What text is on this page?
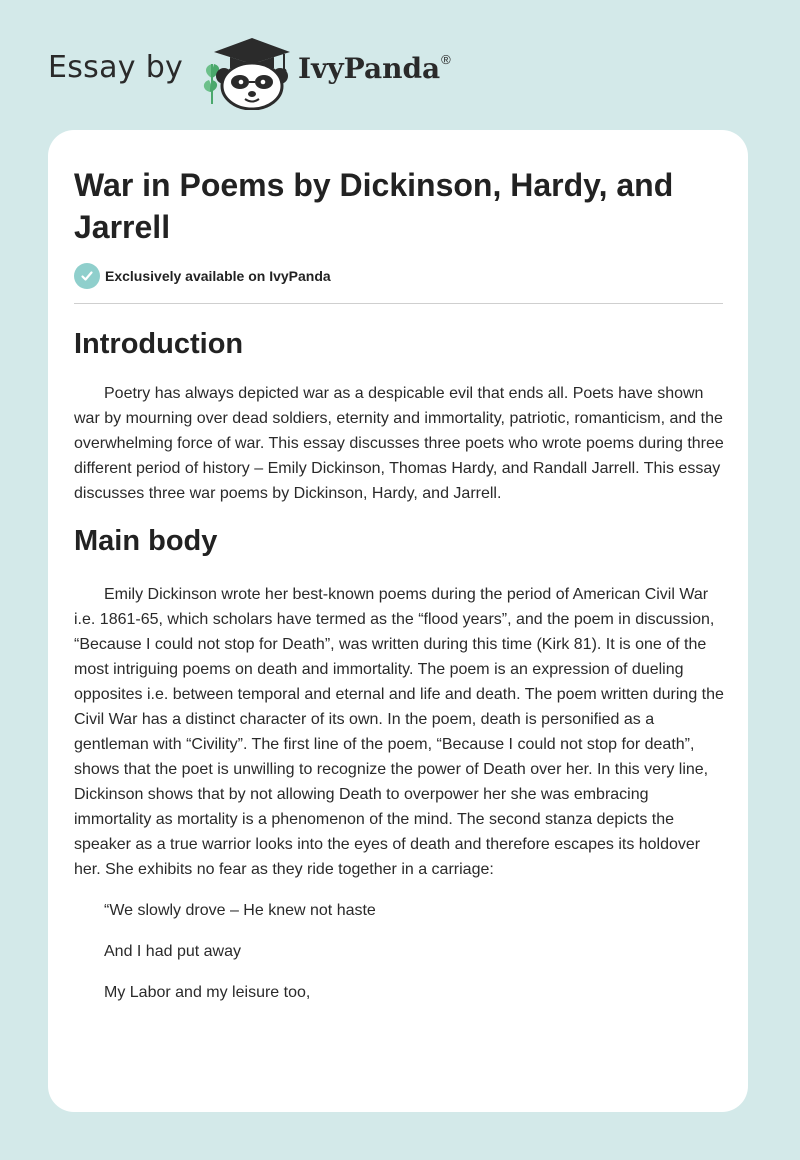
Essay by	IvyPanda®
War in Poems by Dickinson, Hardy, and Jarrell
Exclusively available on IvyPanda
Introduction

Poetry has always depicted war as a despicable evil that ends all. Poets have shown war by mourning over dead soldiers, eternity and immortality, patriotic, romanticism, and the overwhelming force of war. This essay discusses three poets who wrote poems during three different period of history – Emily Dickinson, Thomas Hardy, and Randall Jarrell. This essay discusses three war poems by Dickinson, Hardy, and Jarrell.

Main body

Emily Dickinson wrote her best-known poems during the period of American Civil War i.e. 1861-65, which scholars have termed as the “flood years”, and the poem in discussion, “Because I could not stop for Death”, was written during this time (Kirk 81). It is one of the most intriguing poems on death and immortality. The poem is an expression of dueling opposites i.e. between temporal and eternal and life and death. The poem written during the Civil War has a distinct character of its own. In the poem, death is personified as a gentleman with “Civility”. The first line of the poem, “Because I could not stop for death”, shows that the poet is unwilling to recognize the power of Death over her. In this very line, Dickinson shows that by not allowing Death to overpower her she was embracing immortality as mortality is a phenomenon of the mind. The second stanza depicts the speaker as a true warrior looks into the eyes of death and therefore escapes its holdover her. She exhibits no fear as they ride together in a carriage:

“We slowly drove – He knew not haste
And I had put away
My Labor and my leisure too,
